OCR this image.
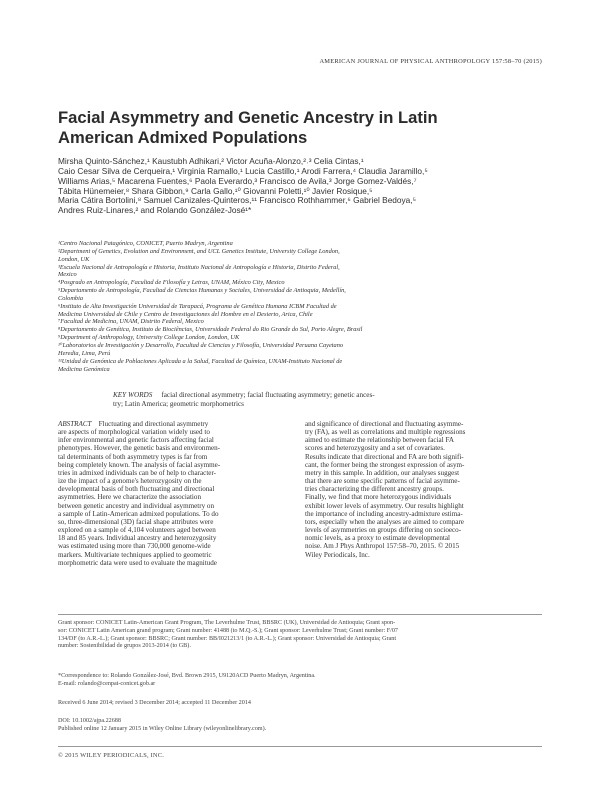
AMERICAN JOURNAL OF PHYSICAL ANTHROPOLOGY 157:58–70 (2015)
Facial Asymmetry and Genetic Ancestry in Latin
American Admixed Populations
Mirsha Quinto-Sánchez,¹ Kaustubh Adhikari,² Victor Acuña-Alonzo,²˒³ Celia Cintas,¹
Caio Cesar Silva de Cerqueira,¹ Virginia Ramallo,¹ Lucia Castillo,¹ Arodi Farrera,⁴ Claudia Jaramillo,⁵
Williams Arias,⁵ Macarena Fuentes,⁶ Paola Everardo,³ Francisco de Avila,³ Jorge Gomez-Valdés,⁷
Tábita Hünemeier,⁸ Shara Gibbon,⁹ Carla Gallo,¹⁰ Giovanni Poletti,¹⁰ Javier Rosique,⁵
Maria Cátira Bortolini,⁸ Samuel Canizales-Quinteros,¹¹ Francisco Rothhammer,⁶ Gabriel Bedoya,⁵
Andres Ruiz-Linares,² and Rolando González-José¹*
¹Centro Nacional Patagónico, CONICET, Puerto Madryn, Argentina
²Department of Genetics, Evolution and Environment, and UCL Genetics Institute, University College London,
London, UK
³Escuela Nacional de Antropología e Historia, Instituto Nacional de Antropología e Historia, Distrito Federal,
Mexico
⁴Posgrado en Antropología, Facultad de Filosofía y Letras, UNAM, México City, Mexico
⁵Departamento de Antropología, Facultad de Ciencias Humanas y Sociales, Universidad de Antioquia, Medellín,
Colombia
⁶Instituto de Alta Investigación Universidad de Tarapacá, Programa de Genética Humana ICBM Facultad de
Medicina Universidad de Chile y Centro de Investigaciones del Hombre en el Desierto, Arica, Chile
⁷Facultad de Medicina, UNAM, Distrito Federal, Mexico
⁸Departamento de Genética, Instituto de Biociências, Universidade Federal do Rio Grande do Sul, Porto Alegre, Brasil
⁹Department of Anthropology, University College London, London, UK
¹⁰Laboratorios de Investigación y Desarrollo, Facultad de Ciencias y Filosofía, Universidad Peruana Cayetano
Heredia, Lima, Perú
¹¹Unidad de Genómica de Poblaciones Aplicada a la Salud, Facultad de Química, UNAM-Instituto Nacional de
Medicina Genómica
KEY WORDS facial directional asymmetry; facial fluctuating asymmetry; genetic ances-
try; Latin America; geometric morphometrics
ABSTRACT Fluctuating and directional asymmetry
are aspects of morphological variation widely used to
infer environmental and genetic factors affecting facial
phenotypes. However, the genetic basis and environmen-
tal determinants of both asymmetry types is far from
being completely known. The analysis of facial asymme-
tries in admixed individuals can be of help to character-
ize the impact of a genome's heterozygosity on the
developmental basis of both fluctuating and directional
asymmetries. Here we characterize the association
between genetic ancestry and individual asymmetry on
a sample of Latin-American admixed populations. To do
so, three-dimensional (3D) facial shape attributes were
explored on a sample of 4,104 volunteers aged between
18 and 85 years. Individual ancestry and heterozygosity
was estimated using more than 730,000 genome-wide
markers. Multivariate techniques applied to geometric
morphometric data were used to evaluate the magnitude
and significance of directional and fluctuating asymme-
try (FA), as well as correlations and multiple regressions
aimed to estimate the relationship between facial FA
scores and heterozygosity and a set of covariates.
Results indicate that directional and FA are both signifi-
cant, the former being the strongest expression of asym-
metry in this sample. In addition, our analyses suggest
that there are some specific patterns of facial asymme-
tries characterizing the different ancestry groups.
Finally, we find that more heterozygous individuals
exhibit lower levels of asymmetry. Our results highlight
the importance of including ancestry-admixture estima-
tors, especially when the analyses are aimed to compare
levels of asymmetries on groups differing on socioeco-
nomic levels, as a proxy to estimate developmental
noise. Am J Phys Anthropol 157:58–70, 2015. © 2015
Wiley Periodicals, Inc.
Grant sponsor: CONICET Latin-American Grant Program, The Leverhulme Trust, BBSRC (UK), Universidad de Antioquia; Grant spon-
sor: CONICET Latin American grand program; Grant number: 41488 (to M.Q.-S.); Grant sponsor: Leverhulme Trust; Grant number: F/07
134/DF (to A.R.-L.); Grant sponsor: BBSRC; Grant number: BB/I021213/1 (to A.R.-L.); Grant sponsor: Universidad de Antioquia; Grant
number: Sostenibilidad de grupos 2013-2014 (to GB).
*Correspondence to: Rolando González-José, Bvd. Brown 2915, U9120ACD Puerto Madryn, Argentina.
E-mail: rolando@cenpat-conicet.gob.ar
Received 6 June 2014; revised 3 December 2014; accepted 11 December 2014
DOI: 10.1002/ajpa.22688
Published online 12 January 2015 in Wiley Online Library (wileyonlinelibrary.com).
© 2015 WILEY PERIODICALS, INC.
